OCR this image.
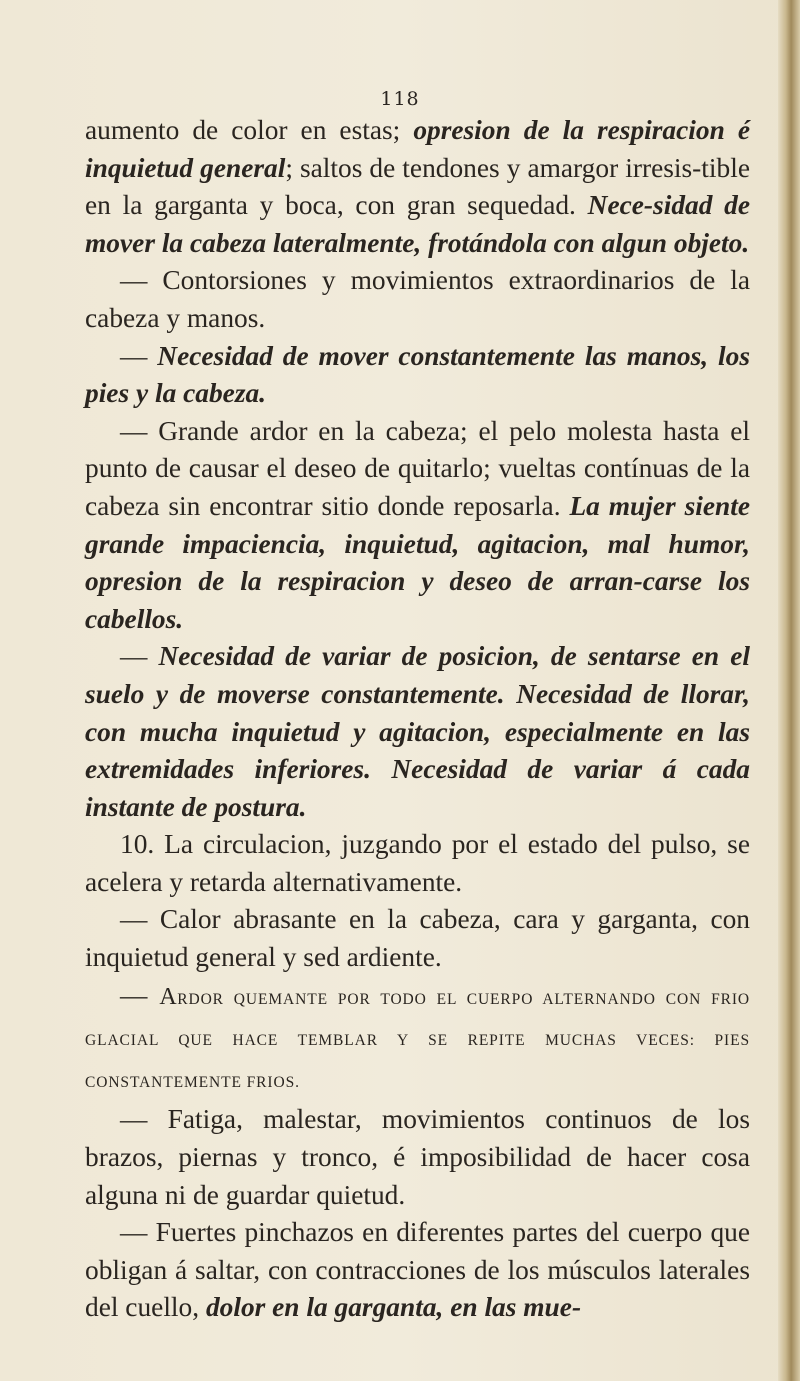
118

aumento de color en estas; opresion de la respiracion é inquietud general; saltos de tendones y amargor irresis-tible en la garganta y boca, con gran sequedad. Nece-sidad de mover la cabeza lateralmente, frotándola con algun objeto.

— Contorsiones y movimientos extraordinarios de la cabeza y manos.

— Necesidad de mover constantemente las manos, los pies y la cabeza.

— Grande ardor en la cabeza; el pelo molesta hasta el punto de causar el deseo de quitarlo; vueltas contínuas de la cabeza sin encontrar sitio donde reposarla. La mujer siente grande impaciencia, inquietud, agitacion, mal humor, opresion de la respiracion y deseo de arran-carse los cabellos.

— Necesidad de variar de posicion, de sentarse en el suelo y de moverse constantemente. Necesidad de llorar, con mucha inquietud y agitacion, especialmente en las extremidades inferiores. Necesidad de variar á cada instante de postura.

10. La circulacion, juzgando por el estado del pulso, se acelera y retarda alternativamente.

— Calor abrasante en la cabeza, cara y garganta, con inquietud general y sed ardiente.

— ARDOR QUEMANTE POR TODO EL CUERPO ALTERNANDO CON FRIO GLACIAL QUE HACE TEMBLAR Y SE REPITE MUCHAS VECES: PIES CONSTANTEMENTE FRIOS.

— Fatiga, malestar, movimientos continuos de los brazos, piernas y tronco, é imposibilidad de hacer cosa alguna ni de guardar quietud.

— Fuertes pinchazos en diferentes partes del cuerpo que obligan á saltar, con contracciones de los músculos laterales del cuello, dolor en la garganta, en las mue-
